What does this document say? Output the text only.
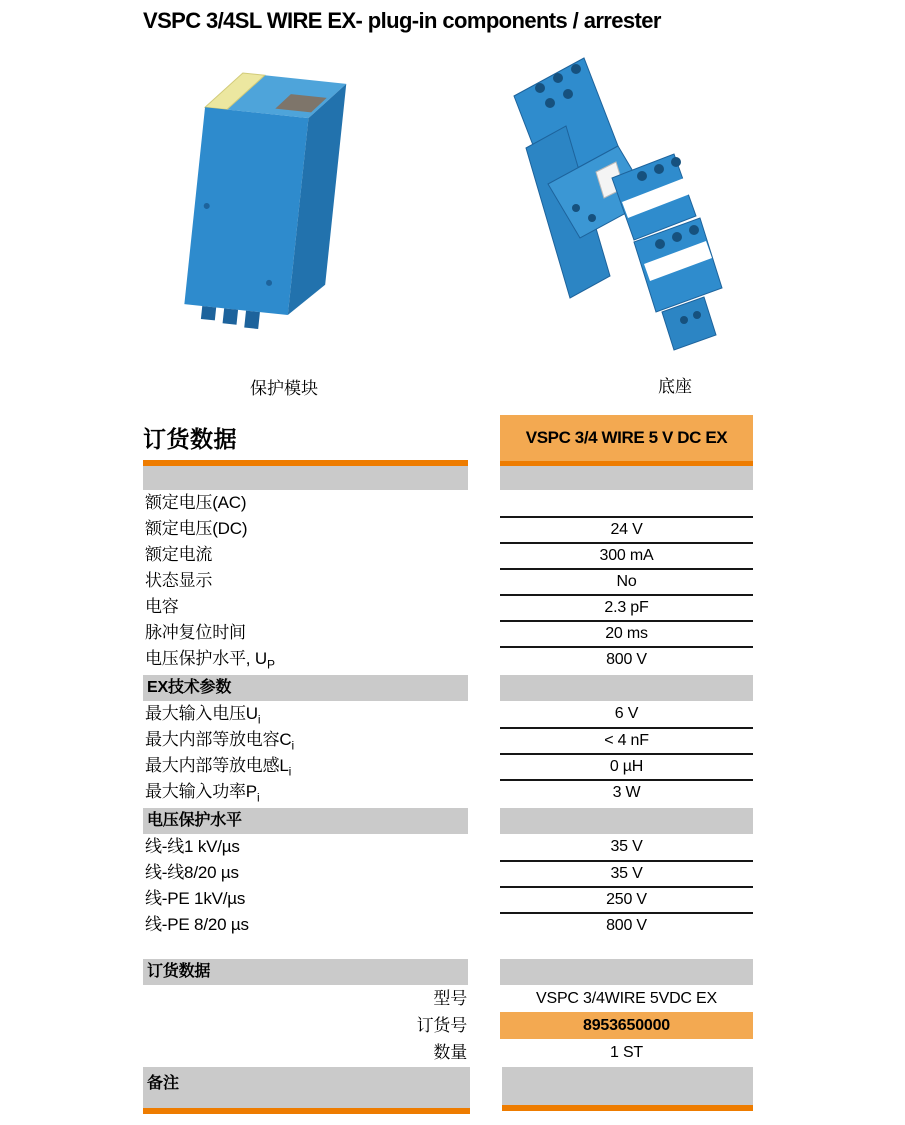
VSPC 3/4SL WIRE EX- plug-in components / arrester
保护模块	底座
订货数据	VSPC 3/4 WIRE 5 V DC EX
额定电压(AC)
额定电压(DC)	24 V
额定电流	300 mA
状态显示	No
电容	2.3 pF
脉冲复位时间	20 ms
电压保护水平, $U_P$	800 V
EX技术参数
最大输入电压$U_i$	6 V
最大内部等放电容$C_i$	< 4 nF
最大内部等放电感$L_i$	0 µH
最大输入功率$P_i$	3 W
电压保护水平
线-线1 kV/µs	35 V
线-线8/20 µs	35 V
线-PE 1kV/µs	250 V
线-PE 8/20 µs	800 V
订货数据
型号	VSPC 3/4WIRE 5VDC EX
订货号	8953650000
数量	1 ST
备注
